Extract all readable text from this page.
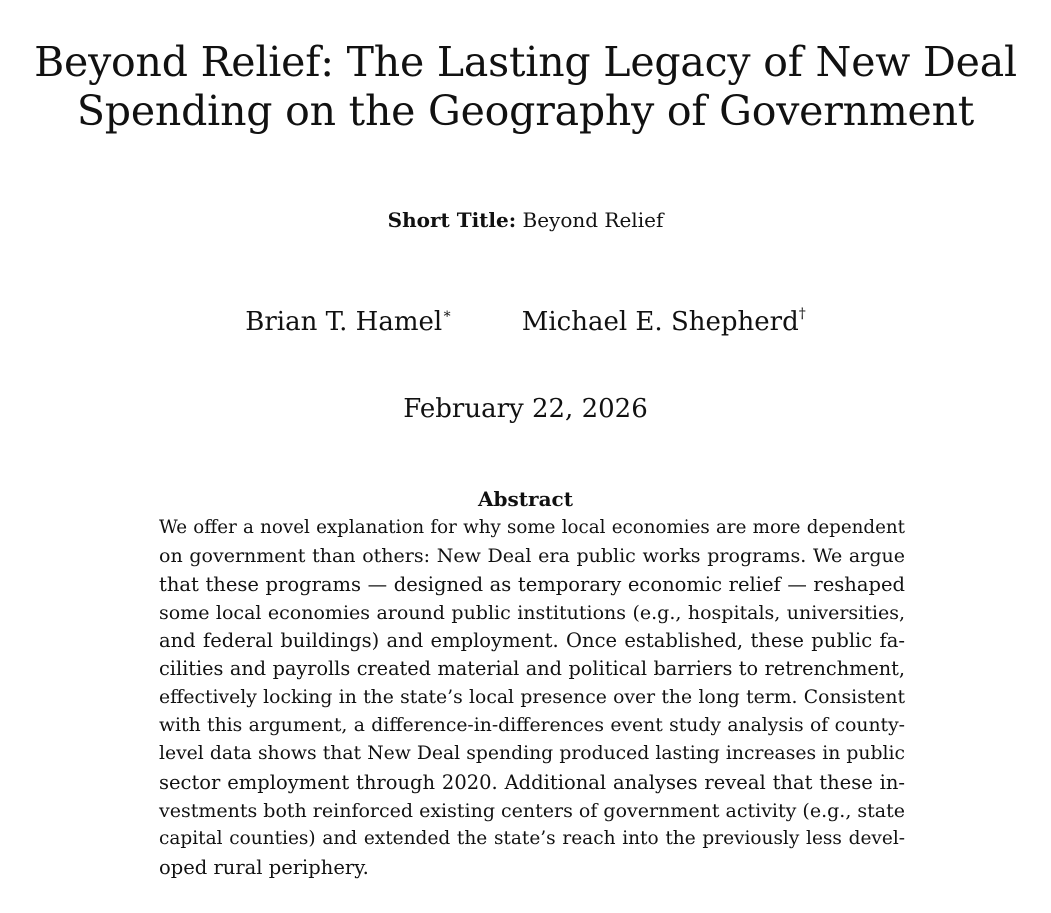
Beyond Relief: The Lasting Legacy of New Deal
Spending on the Geography of Government
Short Title: Beyond Relief
Brian T. Hamel∗	Michael E. Shepherd†
February 22, 2026
Abstract
We offer a novel explanation for why some local economies are more dependent
on government than others: New Deal era public works programs. We argue
that these programs — designed as temporary economic relief — reshaped
some local economies around public institutions (e.g., hospitals, universities,
and federal buildings) and employment. Once established, these public fa-
cilities and payrolls created material and political barriers to retrenchment,
effectively locking in the state’s local presence over the long term. Consistent
with this argument, a difference-in-differences event study analysis of county-
level data shows that New Deal spending produced lasting increases in public
sector employment through 2020. Additional analyses reveal that these in-
vestments both reinforced existing centers of government activity (e.g., state
capital counties) and extended the state’s reach into the previously less devel-
oped rural periphery.
